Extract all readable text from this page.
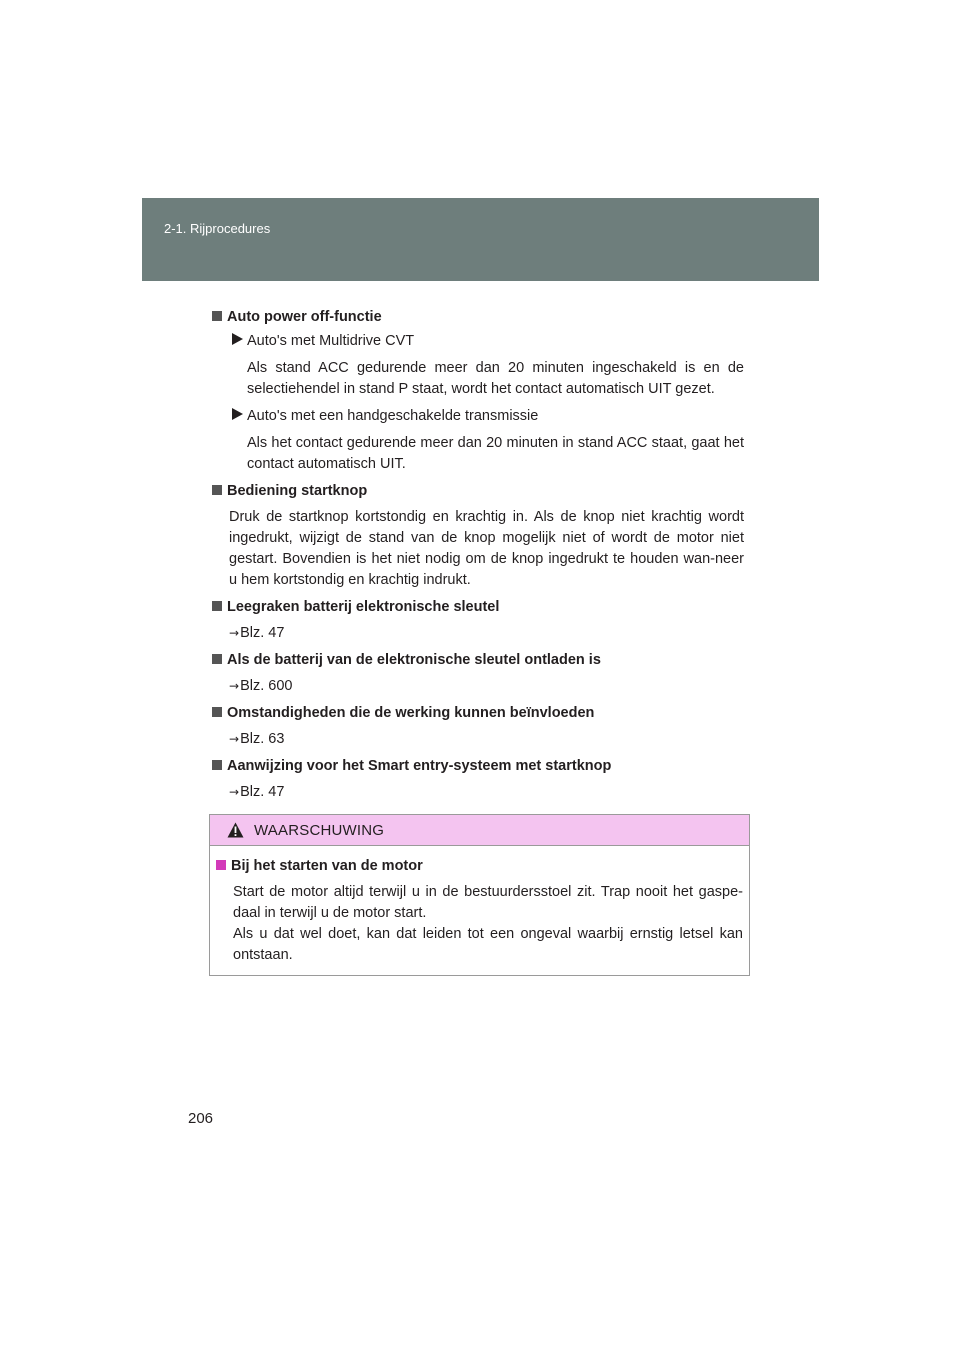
2-1. Rijprocedures
Auto power off-functie
Auto's met Multidrive CVT
Als stand ACC gedurende meer dan 20 minuten ingeschakeld is en de selectiehendel in stand P staat, wordt het contact automatisch UIT gezet.
Auto's met een handgeschakelde transmissie
Als het contact gedurende meer dan 20 minuten in stand ACC staat, gaat het contact automatisch UIT.
Bediening startknop
Druk de startknop kortstondig en krachtig in. Als de knop niet krachtig wordt ingedrukt, wijzigt de stand van de knop mogelijk niet of wordt de motor niet gestart. Bovendien is het niet nodig om de knop ingedrukt te houden wan-neer u hem kortstondig en krachtig indrukt.
Leegraken batterij elektronische sleutel
→Blz. 47
Als de batterij van de elektronische sleutel ontladen is
→Blz. 600
Omstandigheden die de werking kunnen beïnvloeden
→Blz. 63
Aanwijzing voor het Smart entry-systeem met startknop
→Blz. 47
WAARSCHUWING
Bij het starten van de motor
Start de motor altijd terwijl u in de bestuurdersstoel zit. Trap nooit het gaspe-daal in terwijl u de motor start.
Als u dat wel doet, kan dat leiden tot een ongeval waarbij ernstig letsel kan ontstaan.
206
